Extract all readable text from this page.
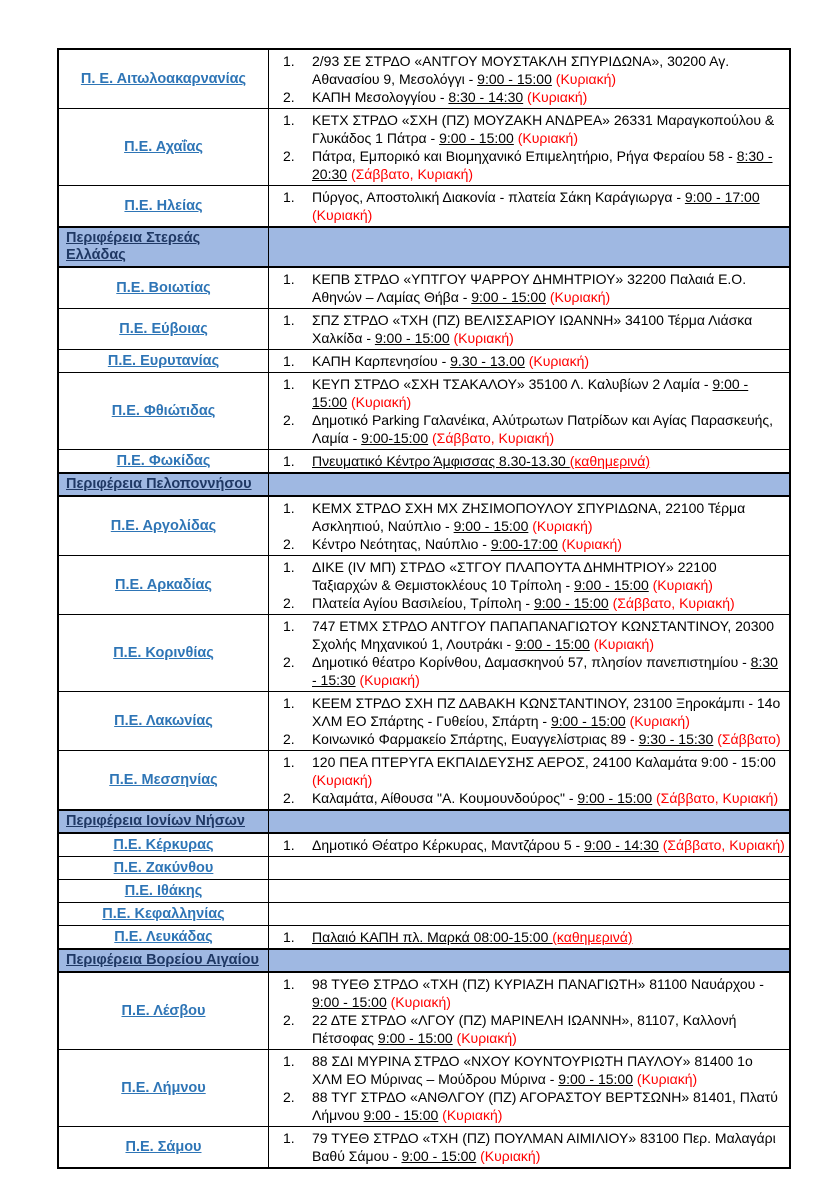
Π. Ε. Αιτωλοακαρνανίας
2/93 ΣΕ ΣΤΡΔΟ «ΑΝΤΓΟΥ ΜΟΥΣΤΑΚΛΗ ΣΠΥΡΙΔΩΝΑ», 30200 Αγ. Αθανασίου 9, Μεσολόγγι - 9:00 - 15:00 (Κυριακή)
ΚΑΠΗ Μεσολογγίου - 8:30 - 14:30 (Κυριακή)
Π.Ε. Αχαΐας
ΚΕΤΧ ΣΤΡΔΟ «ΣΧΗ (ΠΖ) ΜΟΥΖΑΚΗ ΑΝΔΡΕΑ» 26331 Μαραγκοπούλου & Γλυκάδος 1 Πάτρα - 9:00 - 15:00 (Κυριακή)
Πάτρα, Εμπορικό και Βιομηχανικό Επιμελητήριο, Ρήγα Φεραίου 58 - 8:30 - 20:30 (Σάββατο, Κυριακή)
Π.Ε. Ηλείας
Πύργος, Αποστολική Διακονία - πλατεία Σάκη Καράγιωργα - 9:00 - 17:00 (Κυριακή)
Περιφέρεια Στερεάς Ελλάδας
Π.Ε. Βοιωτίας
ΚΕΠΒ ΣΤΡΔΟ «ΥΠΤΓΟΥ ΨΑΡΡΟΥ ΔΗΜΗΤΡΙΟΥ» 32200 Παλαιά Ε.Ο. Αθηνών – Λαμίας Θήβα - 9:00 - 15:00 (Κυριακή)
Π.Ε. Εύβοιας
ΣΠΖ ΣΤΡΔΟ «ΤΧΗ (ΠΖ) ΒΕΛΙΣΣΑΡΙΟΥ ΙΩΑΝΝΗ» 34100 Τέρμα Λιάσκα Χαλκίδα - 9:00 - 15:00 (Κυριακή)
Π.Ε. Ευρυτανίας	ΚΑΠΗ Καρπενησίου - 9.30 - 13.00 (Κυριακή)
Π.Ε. Φθιώτιδας
ΚΕΥΠ ΣΤΡΔΟ «ΣΧΗ ΤΣΑΚΑΛΟΥ» 35100 Λ. Καλυβίων 2 Λαμία - 9:00 - 15:00 (Κυριακή)
Δημοτικό Parking Γαλανέικα, Αλύτρωτων Πατρίδων και Αγίας Παρασκευής, Λαμία - 9:00-15:00 (Σάββατο, Κυριακή)
Π.Ε. Φωκίδας	Πνευματικό Κέντρο Άμφισσας 8.30-13.30 (καθημερινά)
Περιφέρεια Πελοποννήσου
Π.Ε. Αργολίδας
ΚΕΜΧ ΣΤΡΔΟ ΣΧΗ ΜΧ ΖΗΣΙΜΟΠΟΥΛΟΥ ΣΠΥΡΙΔΩΝΑ, 22100 Τέρμα Ασκληπιού, Ναύπλιο - 9:00 - 15:00 (Κυριακή)
Κέντρο Νεότητας, Ναύπλιο - 9:00-17:00 (Κυριακή)
Π.Ε. Αρκαδίας
ΔΙΚΕ (ΙV ΜΠ) ΣΤΡΔΟ «ΣΤΓΟΥ ΠΛΑΠΟΥΤΑ ΔΗΜΗΤΡΙΟΥ» 22100 Ταξιαρχών & Θεμιστοκλέους 10 Τρίπολη - 9:00 - 15:00 (Κυριακή)
Πλατεία Αγίου Βασιλείου, Τρίπολη - 9:00 - 15:00 (Σάββατο, Κυριακή)
Π.Ε. Κορινθίας
747 ΕΤΜΧ ΣΤΡΔΟ ΑΝΤΓΟΥ ΠΑΠΑΠΑΝΑΓΙΩΤΟΥ ΚΩΝΣΤΑΝΤΙΝΟΥ, 20300 Σχολής Μηχανικού 1, Λουτράκι - 9:00 - 15:00 (Κυριακή)
Δημοτικό θέατρο Κορίνθου, Δαμασκηνού 57, πλησίον πανεπιστημίου - 8:30 - 15:30 (Κυριακή)
Π.Ε. Λακωνίας
ΚΕΕΜ ΣΤΡΔΟ ΣΧΗ ΠΖ ΔΑΒΑΚΗ ΚΩΝΣΤΑΝΤΙΝΟΥ, 23100 Ξηροκάμπι - 14ο ΧΛΜ ΕΟ Σπάρτης - Γυθείου, Σπάρτη - 9:00 - 15:00 (Κυριακή)
Κοινωνικό Φαρμακείο Σπάρτης, Ευαγγελίστριας 89 - 9:30 - 15:30 (Σάββατο)
Π.Ε. Μεσσηνίας
120 ΠΕΑ ΠΤΕΡΥΓΑ ΕΚΠΑΙΔΕΥΣΗΣ ΑΕΡΟΣ, 24100 Καλαμάτα 9:00 - 15:00 (Κυριακή)
Καλαμάτα, Αίθουσα "Α. Κουμουνδούρος" - 9:00 - 15:00 (Σάββατο, Κυριακή)
Περιφέρεια Ιονίων Νήσων
Π.Ε. Κέρκυρας	Δημοτικό Θέατρο Κέρκυρας, Μαντζάρου 5 - 9:00 - 14:30 (Σάββατο, Κυριακή)
Π.Ε. Ζακύνθου
Π.Ε. Ιθάκης
Π.Ε. Κεφαλληνίας
Π.Ε. Λευκάδας	Παλαιό ΚΑΠΗ πλ. Μαρκά 08:00-15:00 (καθημερινά)
Περιφέρεια Βορείου Αιγαίου
Π.Ε. Λέσβου
98 ΤΥΕΘ ΣΤΡΔΟ «ΤΧΗ (ΠΖ) ΚΥΡΙΑΖΗ ΠΑΝΑΓΙΩΤΗ» 81100 Ναυάρχου - 9:00 - 15:00 (Κυριακή)
22 ΔΤΕ ΣΤΡΔΟ «ΛΓΟΥ (ΠΖ) ΜΑΡΙΝΕΛΗ ΙΩΑΝΝΗ», 81107, Καλλονή Πέτσοφας 9:00 - 15:00 (Κυριακή)
Π.Ε. Λήμνου
88 ΣΔΙ ΜΥΡΙΝΑ ΣΤΡΔΟ «ΝΧΟΥ ΚΟΥΝΤΟΥΡΙΩΤΗ ΠΑΥΛΟΥ» 81400 1ο ΧΛΜ ΕΟ Μύρινας – Μούδρου Μύρινα - 9:00 - 15:00 (Κυριακή)
88 ΤΥΓ ΣΤΡΔΟ «ΑΝΘΛΓΟΥ (ΠΖ) ΑΓΟΡΑΣΤΟΥ ΒΕΡΤΣΩΝΗ» 81401, Πλατύ Λήμνου 9:00 - 15:00 (Κυριακή)
Π.Ε. Σάμου
79 ΤΥΕΘ ΣΤΡΔΟ «ΤΧΗ (ΠΖ) ΠΟΥΛΜΑΝ ΑΙΜΙΛΙΟΥ» 83100 Περ. Μαλαγάρι Βαθύ Σάμου - 9:00 - 15:00 (Κυριακή)
